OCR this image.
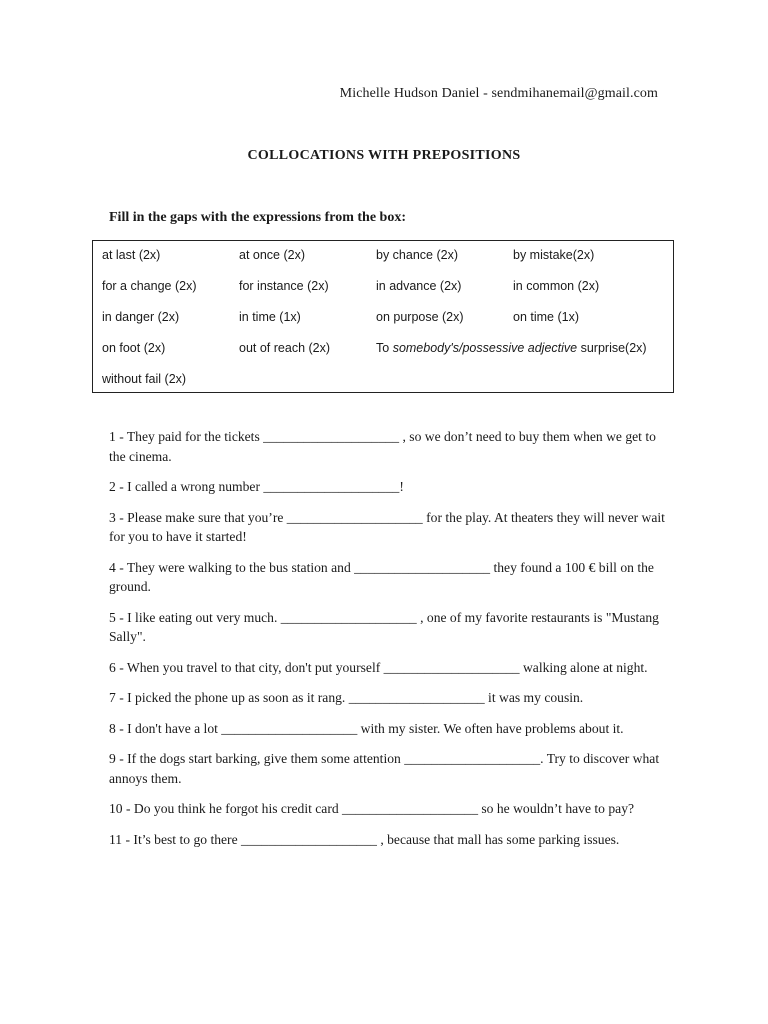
Michelle Hudson Daniel - sendmihanemail@gmail.com
COLLOCATIONS WITH PREPOSITIONS
Fill in the gaps with the expressions from the box:
at last (2x)	at once (2x)	by chance (2x)	by mistake(2x)
for a change (2x)	for instance (2x)	in advance (2x)	in common (2x)
in danger (2x)	in time (1x)	on purpose (2x)	on time (1x)
on foot (2x)	out of reach (2x)	To somebody's/possessive adjective surprise(2x)
without fail (2x)

1 - They paid for the tickets ____________________ , so we don’t need to buy them when we get to the cinema.

2 - I called a wrong number ____________________!

3 - Please make sure that you’re ____________________ for the play. At theaters they will never wait for you to have it started!

4 - They were walking to the bus station and ____________________ they found a 100 € bill on the ground.

5 - I like eating out very much. ____________________ , one of my favorite restaurants is "Mustang Sally".

6 - When you travel to that city, don't put yourself ____________________ walking alone at night.

7 - I picked the phone up as soon as it rang. ____________________ it was my cousin.

8 - I don't have a lot ____________________ with my sister. We often have problems about it.

9 - If the dogs start barking, give them some attention ____________________. Try to discover what annoys them.

10 - Do you think he forgot his credit card ____________________ so he wouldn’t have to pay?

11 - It’s best to go there ____________________ , because that mall has some parking issues.
